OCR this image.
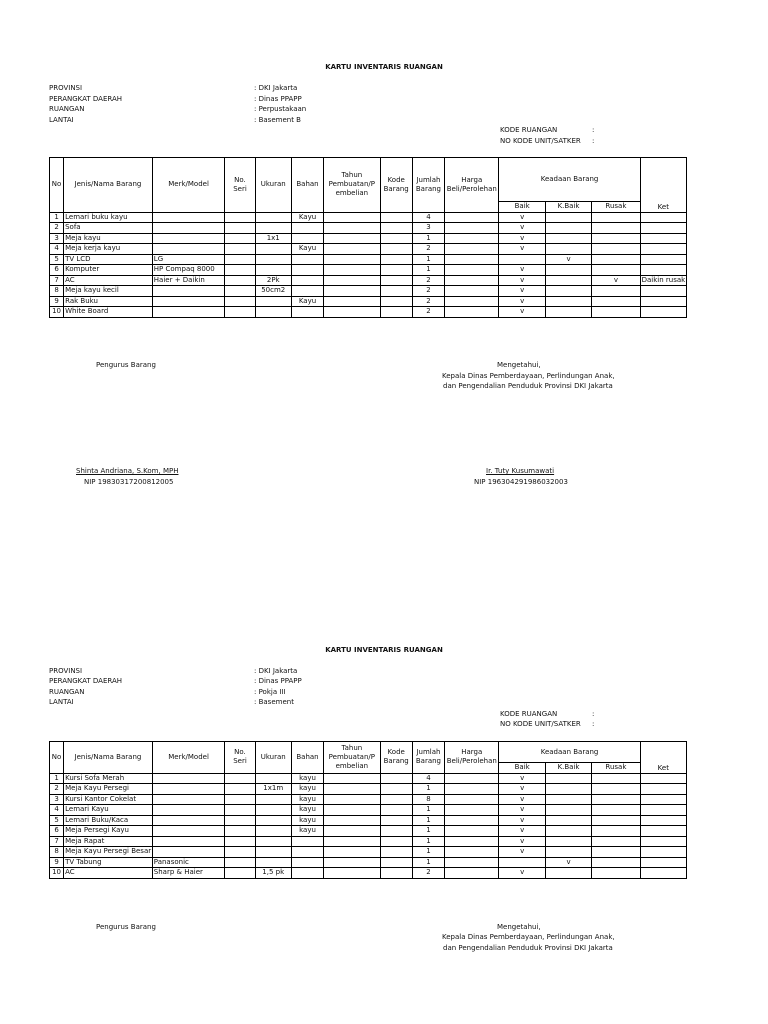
KARTU INVENTARIS RUANGAN
PROVINSI	: DKI Jakarta
PERANGKAT DAERAH	: Dinas PPAPP
RUANGAN	: Perpustakaan
LANTAI	: Basement B
KODE RUANGAN	:
NO KODE UNIT/SATKER :
No	Jenis/Nama Barang	Merk/Model	No. Seri	Ukuran	Bahan	Tahun Pembuatan/P embelian	Kode Barang	Jumlah Barang	Harga Beli/Perolehan	Keadaan Barang			Ket
										Baik	K.Baik	Rusak	
1	Lemari buku kayu				Kayu			4		v			
2	Sofa							3		v			
3	Meja kayu			1x1				1		v			
4	Meja kerja kayu				Kayu			2		v			
5	TV LCD	LG						1			v		
6	Komputer	HP Compaq 8000						1		v			
7	AC	Haier + Daikin		2Pk				2		v		v	Daikin rusak
8	Meja kayu kecil			50cm2				2		v			
9	Rak Buku				Kayu			2		v			
10	White Board							2		v			
Pengurus Barang	Mengetahui,
Kepala Dinas Pemberdayaan, Perlindungan Anak,
dan Pengendalian Penduduk Provinsi DKI Jakarta
Shinta Andriana, S.Kom, MPH
NIP 19830317200812005
Ir. Tuty Kusumawati
NIP 196304291986032003
KARTU INVENTARIS RUANGAN
PROVINSI	: DKI Jakarta
PERANGKAT DAERAH	: Dinas PPAPP
RUANGAN	: Pokja III
LANTAI	: Basement
KODE RUANGAN	:
NO KODE UNIT/SATKER :
No	Jenis/Nama Barang	Merk/Model	No. Seri	Ukuran	Bahan	Tahun Pembuatan/P embelian	Kode Barang	Jumlah Barang	Harga Beli/Perolehan	Keadaan Barang			Ket
										Baik	K.Baik	Rusak	
1	Kursi Sofa Merah				kayu			4		v			
2	Meja Kayu Persegi			1x1m	kayu			1		v			
3	Kursi Kantor Cokelat				kayu			8		v			
4	Lemari Kayu				kayu			1		v			
5	Lemari Buku/Kaca				kayu			1		v			
6	Meja Persegi Kayu				kayu			1		v			
7	Meja Rapat							1		v			
8	Meja Kayu Persegi Besar							1		v			
9	TV Tabung	Panasonic						1			v		
10	AC	Sharp & Haier		1,5 pk				2		v			
Pengurus Barang	Mengetahui,
Kepala Dinas Pemberdayaan, Perlindungan Anak,
dan Pengendalian Penduduk Provinsi DKI Jakarta
